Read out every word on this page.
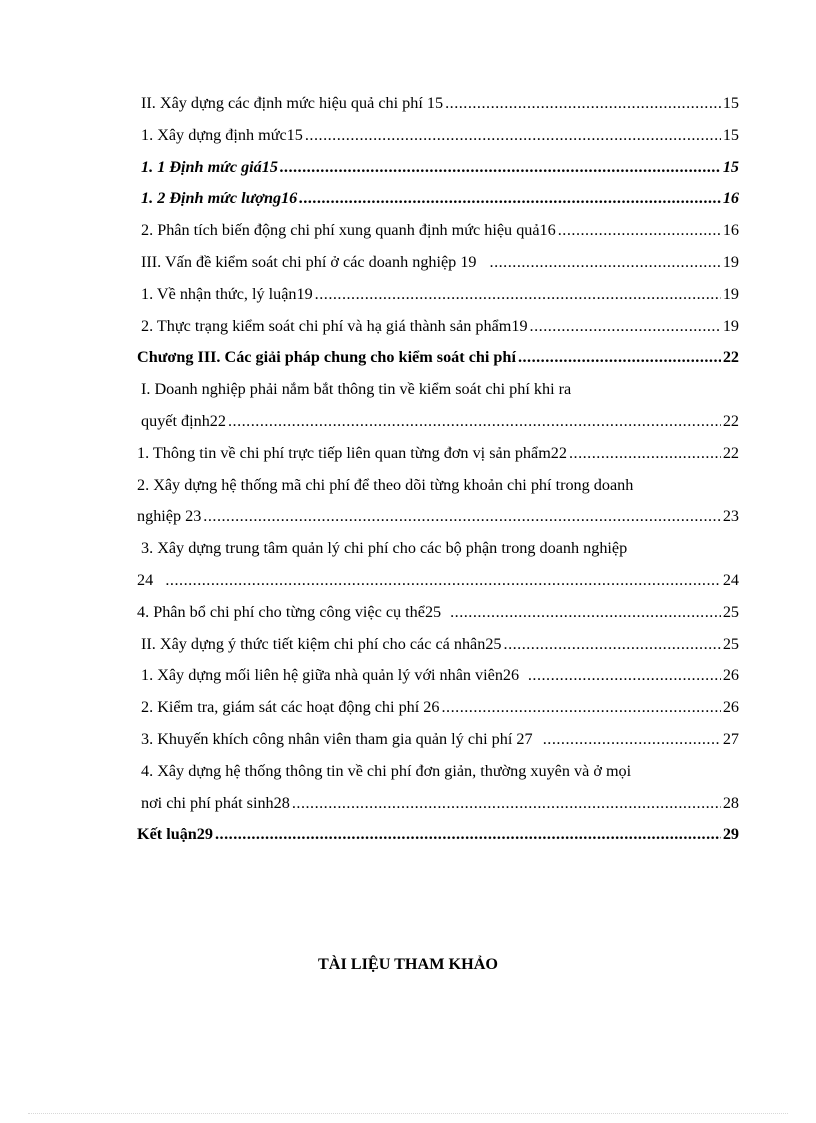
II. Xây dựng các định mức hiệu quả chi phí 15 .....	15
1. Xây dựng định mức15 .....	15
1. 1 Định mức giá15 .....	15
1. 2 Định mức lượng16 .....	16
2. Phân tích biến động chi phí xung quanh định mức hiệu quả16 .....	16
III. Vấn đề kiểm soát chi phí ở các doanh nghiệp 19 .....	19
1. Về nhận thức, lý luận19 .....	19
2. Thực trạng kiểm soát chi phí và hạ giá thành sản phẩm19 .....	19
Chương III. Các giải pháp chung cho kiểm soát chi phí .....	22
I. Doanh nghiệp phải nắm bắt thông tin về kiểm soát chi phí khi ra
quyết định22 .....	22
1. Thông tin về chi phí trực tiếp liên quan từng đơn vị sản phẩm22 .....	22
2. Xây dựng hệ thống mã chi phí để theo dõi từng khoản chi phí trong doanh
nghiệp 23 .....	23
3. Xây dựng trung tâm quản lý chi phí cho các bộ phận trong doanh nghiệp
24 .....	24
4. Phân bổ chi phí cho từng công việc cụ thể25 .....	25
II. Xây dựng ý thức tiết kiệm chi phí cho các cá nhân25 .....	25
1. Xây dựng mối liên hệ giữa nhà quản lý với nhân viên26 .....	26
2. Kiểm tra, giám sát các hoạt động chi phí 26 .....	26
3. Khuyến khích công nhân viên tham gia quản lý chi phí 27 .....	27
4. Xây dựng hệ thống thông tin về chi phí đơn giản, thường xuyên và ở mọi
nơi chi phí phát sinh28 .....	28
Kết luận29 .....	29
TÀI LIỆU THAM KHẢO
